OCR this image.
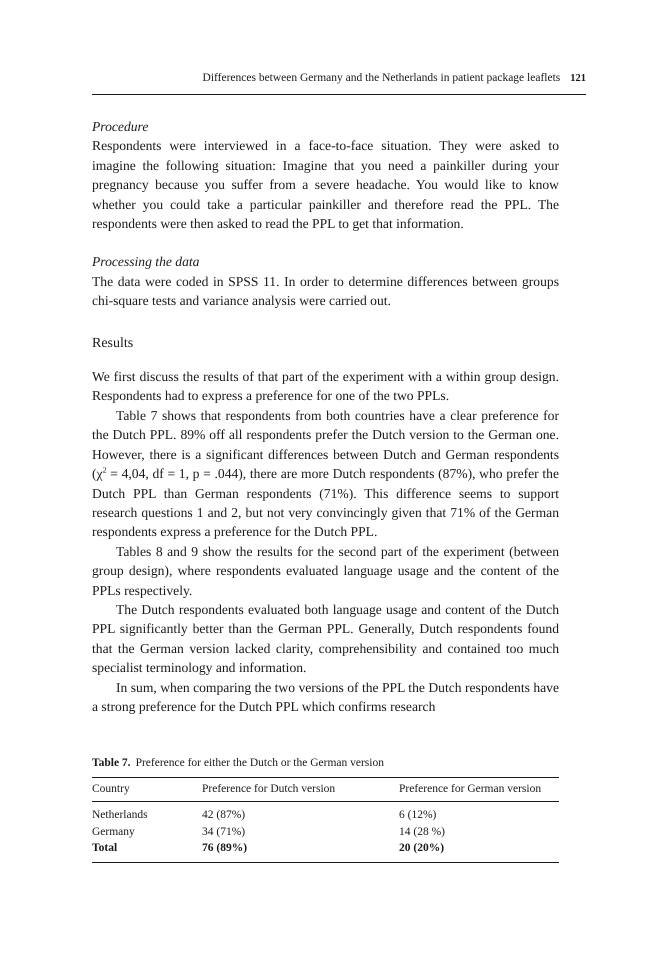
Differences between Germany and the Netherlands in patient package leaflets 121

Procedure

Respondents were interviewed in a face-to-face situation. They were asked to imagine the following situation: Imagine that you need a painkiller during your pregnancy because you suffer from a severe headache. You would like to know whether you could take a particular painkiller and therefore read the PPL. The respondents were then asked to read the PPL to get that information.

Processing the data

The data were coded in SPSS 11. In order to determine differences between groups chi-square tests and variance analysis were carried out.

Results

We first discuss the results of that part of the experiment with a within group design. Respondents had to express a preference for one of the two PPLs.

Table 7 shows that respondents from both countries have a clear preference for the Dutch PPL. 89% off all respondents prefer the Dutch version to the German one. However, there is a significant differences between Dutch and German respondents ($\chi^2 = 4,04$, df = 1, p = .044), there are more Dutch respondents (87%), who prefer the Dutch PPL than German respondents (71%). This difference seems to support research questions 1 and 2, but not very convincingly given that 71% of the German respondents express a preference for the Dutch PPL.

Tables 8 and 9 show the results for the second part of the experiment (between group design), where respondents evaluated language usage and the content of the PPLs respectively.

The Dutch respondents evaluated both language usage and content of the Dutch PPL significantly better than the German PPL. Generally, Dutch respondents found that the German version lacked clarity, comprehensibility and contained too much specialist terminology and information.

In sum, when comparing the two versions of the PPL the Dutch respondents have a strong preference for the Dutch PPL which confirms research

Table 7. Preference for either the Dutch or the German version

Country	Preference for Dutch version	Preference for German version
Netherlands	42 (87%)	6 (12%)
Germany	34 (71%)	14 (28 %)
Total	76 (89%)	20 (20%)
